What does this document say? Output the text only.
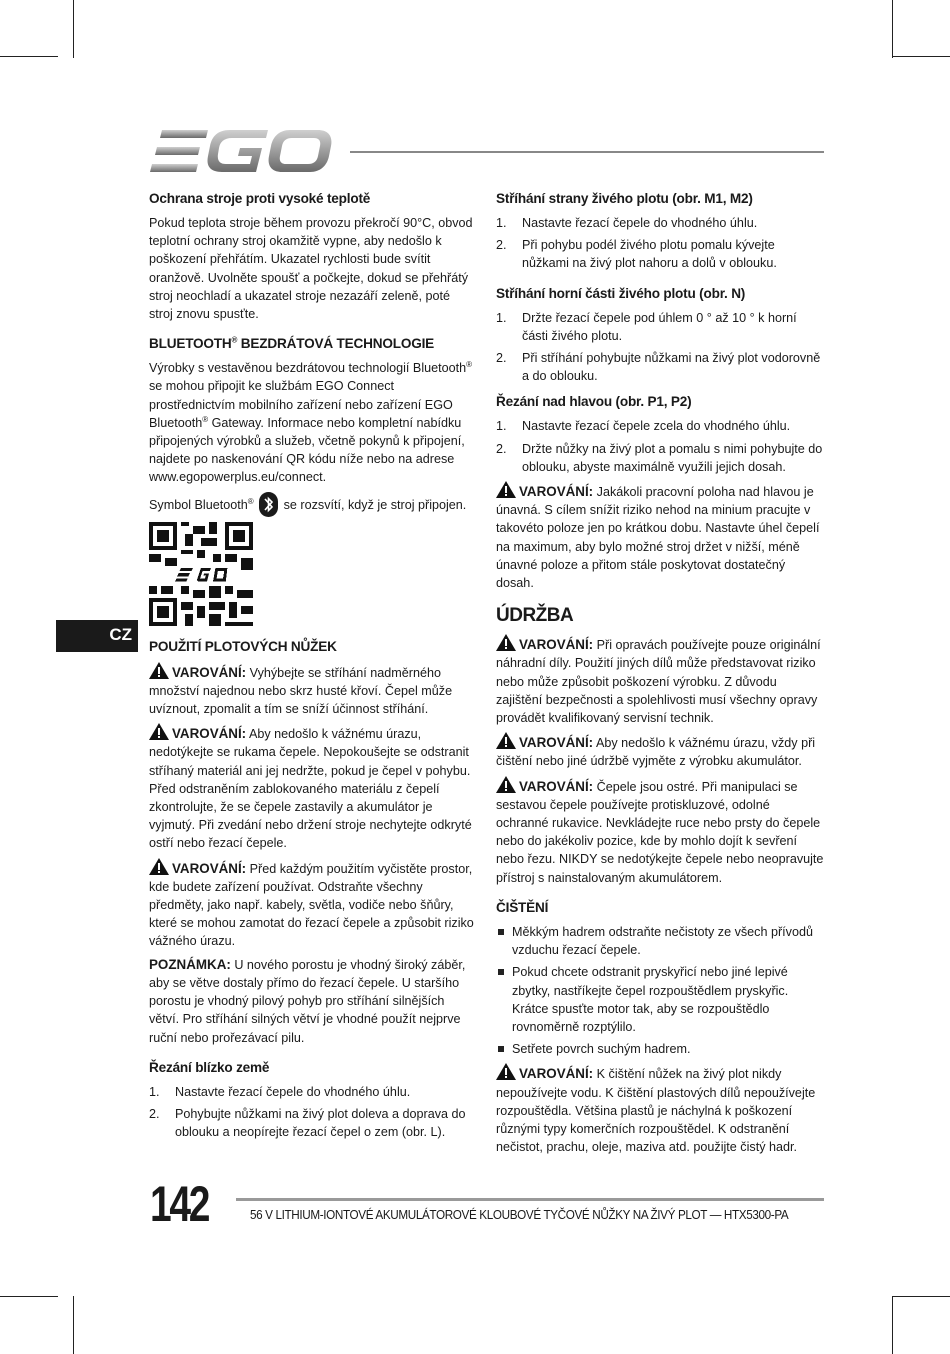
CZ
Ochrana stroje proti vysoké teplotě

Pokud teplota stroje během provozu překročí 90°C, obvod teplotní ochrany stroj okamžitě vypne, aby nedošlo k poškození přehřátím. Ukazatel rychlosti bude svítit oranžově. Uvolněte spoušť a počkejte, dokud se přehřátý stroj neochladí a ukazatel stroje nezazáří zeleně, poté stroj znovu spusťte.

BLUETOOTH® BEZDRÁTOVÁ TECHNOLOGIE

Výrobky s vestavěnou bezdrátovou technologií Bluetooth® se mohou připojit ke službám EGO Connect prostřednictvím mobilního zařízení nebo zařízení EGO Bluetooth® Gateway. Informace nebo kompletní nabídku připojených výrobků a služeb, včetně pokynů k připojení, najdete po naskenování QR kódu níže nebo na adrese www.egopowerplus.eu/connect.

Symbol Bluetooth®  se rozsvítí, když je stroj připojen.

POUŽITÍ PLOTOVÝCH NŮŽEK

VAROVÁNÍ: Vyhýbejte se stříhání nadměrného množství najednou nebo skrz husté křoví. Čepel může uvíznout, zpomalit a tím se sníží účinnost stříhání.

VAROVÁNÍ: Aby nedošlo k vážnému úrazu, nedotýkejte se rukama čepele. Nepokoušejte se odstranit stříhaný materiál ani jej nedržte, pokud je čepel v pohybu. Před odstraněním zablokovaného materiálu z čepelí zkontrolujte, že se čepele zastavily a akumulátor je vyjmutý. Při zvedání nebo držení stroje nechytejte odkryté ostří nebo řezací čepele.

VAROVÁNÍ: Před každým použitím vyčistěte prostor, kde budete zařízení používat. Odstraňte všechny předměty, jako např. kabely, světla, vodiče nebo šňůry, které se mohou zamotat do řezací čepele a způsobit riziko vážného úrazu.

POZNÁMKA: U nového porostu je vhodný široký záběr, aby se větve dostaly přímo do řezací čepele. U staršího porostu je vhodný pilový pohyb pro stříhání silnějších větví. Pro stříhání silných větví je vhodné použít nejprve ruční nebo prořezávací pilu.

Řezání blízko země
1. Nastavte řezací čepele do vhodného úhlu.
2. Pohybujte nůžkami na živý plot doleva a doprava do oblouku a neopírejte řezací čepel o zem (obr. L).
Stříhání strany živého plotu (obr. M1, M2)
1. Nastavte řezací čepele do vhodného úhlu.
2. Při pohybu podél živého plotu pomalu kývejte nůžkami na živý plot nahoru a dolů v oblouku.
Stříhání horní části živého plotu (obr. N)
1. Držte řezací čepele pod úhlem 0 ° až 10 ° k horní části živého plotu.
2. Při stříhání pohybujte nůžkami na živý plot vodorovně a do oblouku.
Řezání nad hlavou (obr. P1, P2)
1. Nastavte řezací čepele zcela do vhodného úhlu.
2. Držte nůžky na živý plot a pomalu s nimi pohybujte do oblouku, abyste maximálně využili jejich dosah.

VAROVÁNÍ: Jakákoli pracovní poloha nad hlavou je únavná. S cílem snížit riziko nehod na minium pracujte v takovéto poloze jen po krátkou dobu. Nastavte úhel čepelí na maximum, aby bylo možné stroj držet v nižší, méně únavné poloze a přitom stále poskytovat dostatečný dosah.

ÚDRŽBA

VAROVÁNÍ: Při opravách používejte pouze originální náhradní díly. Použití jiných dílů může představovat riziko nebo může způsobit poškození výrobku. Z důvodu zajištění bezpečnosti a spolehlivosti musí všechny opravy provádět kvalifikovaný servisní technik.

VAROVÁNÍ: Aby nedošlo k vážnému úrazu, vždy při čištění nebo jiné údržbě vyjměte z výrobku akumulátor.

VAROVÁNÍ: Čepele jsou ostré. Při manipulaci se sestavou čepele používejte protiskluzové, odolné ochranné rukavice. Nevkládejte ruce nebo prsty do čepele nebo do jakékoliv pozice, kde by mohlo dojít k sevření nebo řezu. NIKDY se nedotýkejte čepele nebo neopravujte přístroj s nainstalovaným akumulátorem.

ČIŠTĚNÍ
Měkkým hadrem odstraňte nečistoty ze všech přívodů vzduchu řezací čepele.
Pokud chcete odstranit pryskyřicí nebo jiné lepivé zbytky, nastříkejte čepel rozpouštědlem pryskyřic. Krátce spusťte motor tak, aby se rozpouštědlo rovnoměrně rozptýlilo.
Setřete povrch suchým hadrem.

VAROVÁNÍ: K čištění nůžek na živý plot nikdy nepoužívejte vodu. K čištění plastových dílů nepoužívejte rozpouštědla. Většina plastů je náchylná k poškození různými typy komerčních rozpouštědel. K odstranění nečistot, prachu, oleje, maziva atd. použijte čistý hadr.

142	56 V LITHIUM-IONTOVÉ AKUMULÁTOROVÉ KLOUBOVÉ TYČOVÉ NŮŽKY NA ŽIVÝ PLOT — HTX5300-PA
